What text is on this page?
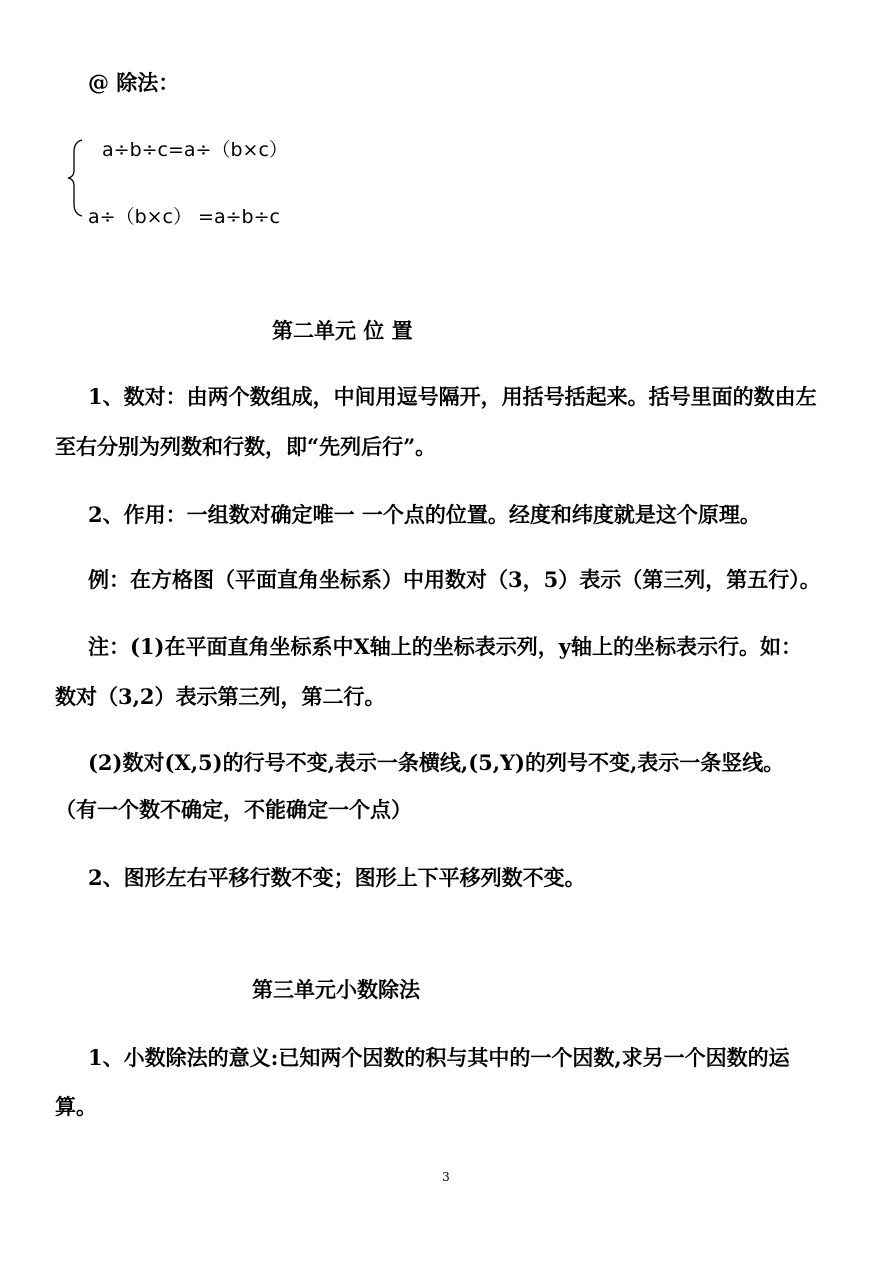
@ 除法：
a÷b÷c=a÷（b×c）
a÷（b×c） =a÷b÷c
第二单元 位 置
1、数对：由两个数组成，中间用逗号隔开，用括号括起来。括号里面的数由左
至右分别为列数和行数，即“先列后行”。
2、作用：一组数对确定唯一 一个点的位置。经度和纬度就是这个原理。
例：在方格图（平面直角坐标系）中用数对（3，5）表示（第三列，第五行）。
注：(1)在平面直角坐标系中X轴上的坐标表示列，y轴上的坐标表示行。如：
数对（3,2）表示第三列，第二行。
(2)数对(X,5)的行号不变,表示一条横线,(5,Y)的列号不变,表示一条竖线。
（有一个数不确定，不能确定一个点）
2、图形左右平移行数不变；图形上下平移列数不变。
第三单元小数除法
1、小数除法的意义:已知两个因数的积与其中的一个因数,求另一个因数的运
算。
3
